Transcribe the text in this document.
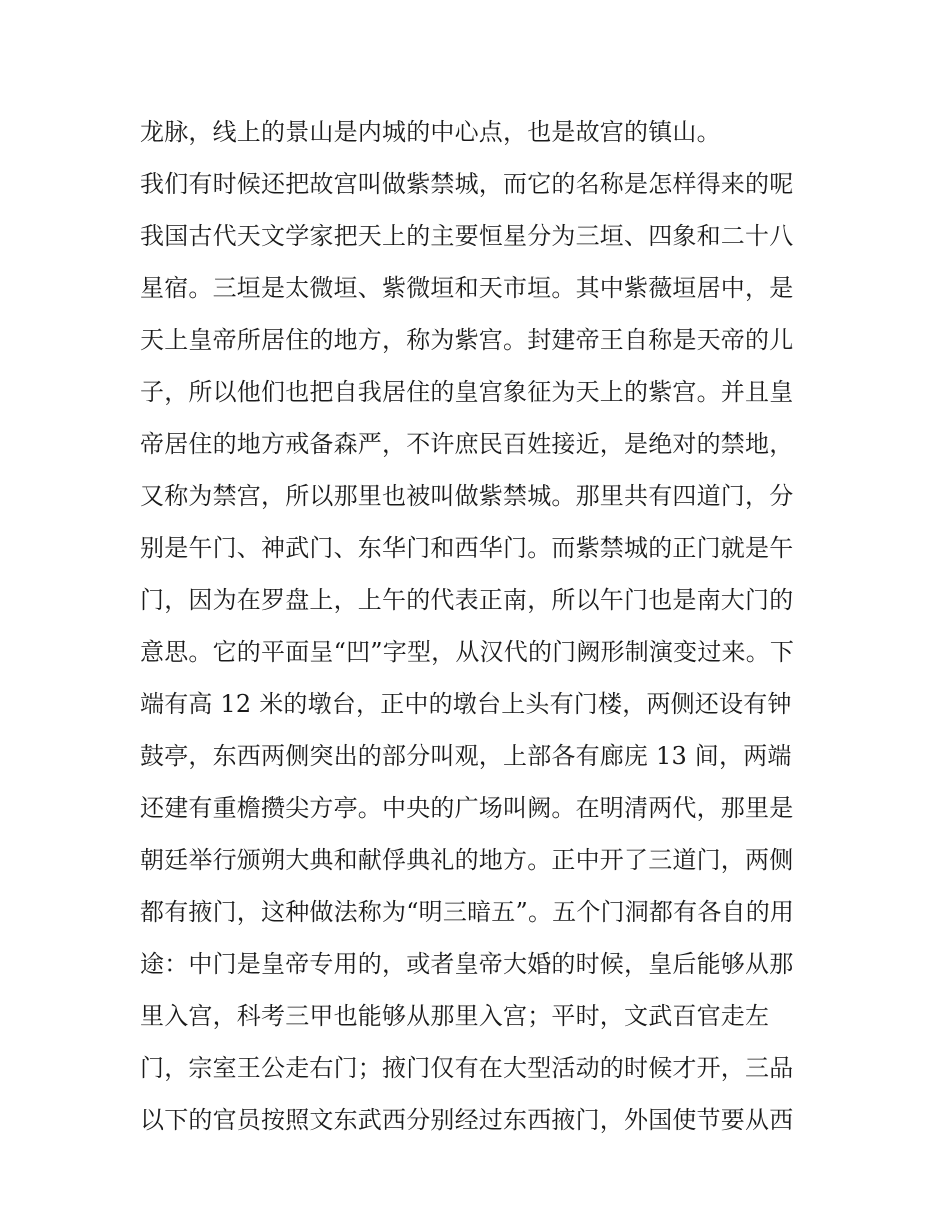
龙脉，线上的景山是内城的中心点，也是故宫的镇山。
我们有时候还把故宫叫做紫禁城，而它的名称是怎样得来的呢
我国古代天文学家把天上的主要恒星分为三垣、四象和二十八
星宿。三垣是太微垣、紫微垣和天市垣。其中紫薇垣居中，是
天上皇帝所居住的地方，称为紫宫。封建帝王自称是天帝的儿
子，所以他们也把自我居住的皇宫象征为天上的紫宫。并且皇
帝居住的地方戒备森严，不许庶民百姓接近，是绝对的禁地，
又称为禁宫，所以那里也被叫做紫禁城。那里共有四道门，分
别是午门、神武门、东华门和西华门。而紫禁城的正门就是午
门，因为在罗盘上，上午的代表正南，所以午门也是南大门的
意思。它的平面呈“凹”字型，从汉代的门阙形制演变过来。下
端有高 12 米的墩台，正中的墩台上头有门楼，两侧还设有钟
鼓亭，东西两侧突出的部分叫观，上部各有廊庑 13 间，两端
还建有重檐攒尖方亭。中央的广场叫阙。在明清两代，那里是
朝廷举行颁朔大典和献俘典礼的地方。正中开了三道门，两侧
都有掖门，这种做法称为“明三暗五”。五个门洞都有各自的用
途：中门是皇帝专用的，或者皇帝大婚的时候，皇后能够从那
里入宫，科考三甲也能够从那里入宫；平时，文武百官走左
门，宗室王公走右门；掖门仅有在大型活动的时候才开，三品
以下的官员按照文东武西分别经过东西掖门，外国使节要从西
